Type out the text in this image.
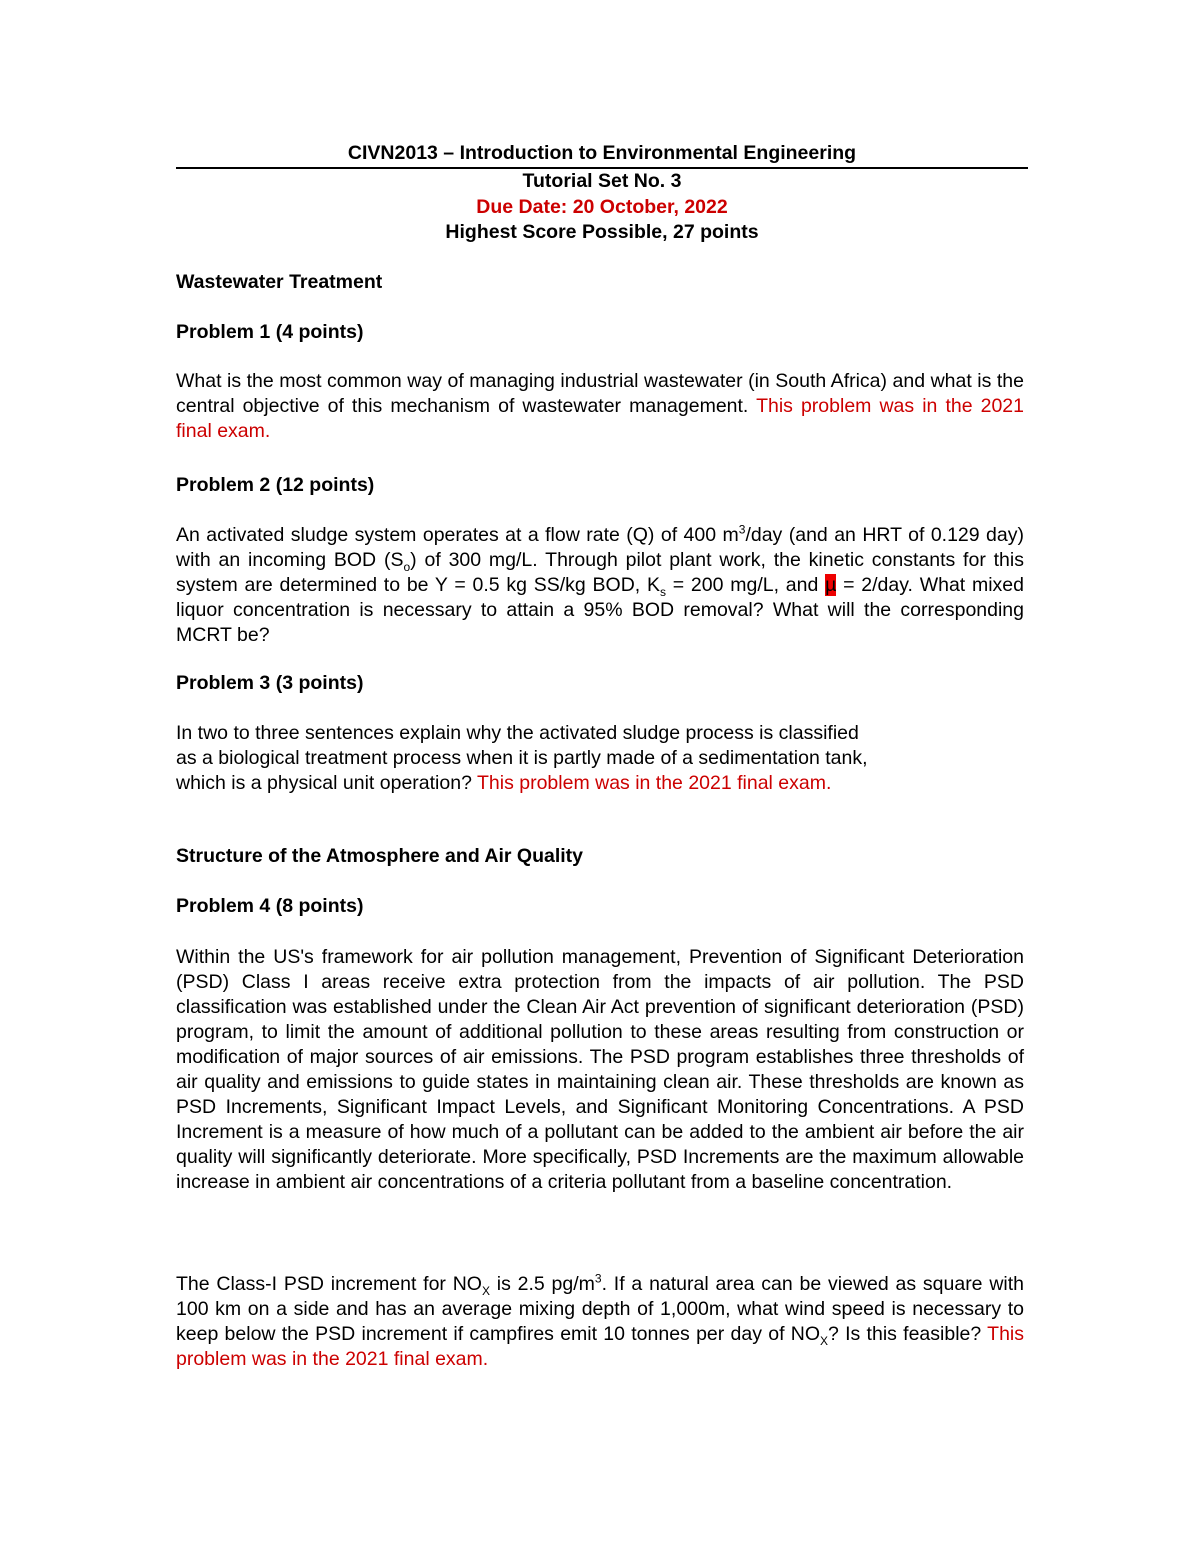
CIVN2013 – Introduction to Environmental Engineering
Tutorial Set No. 3
Due Date: 20 October, 2022
Highest Score Possible, 27 points
Wastewater Treatment
Problem 1 (4 points)

What is the most common way of managing industrial wastewater (in South Africa) and what is the central objective of this mechanism of wastewater management. This problem was in the 2021 final exam.

Problem 2 (12 points)

An activated sludge system operates at a flow rate (Q) of 400 $m^3$/day (and an HRT of 0.129 day) with an incoming BOD $(S_o)$ of 300 mg/L. Through pilot plant work, the kinetic constants for this system are determined to be Y = 0.5 kg SS/kg BOD, $K_s = 200$ mg/L, and µ = 2/day. What mixed liquor concentration is necessary to attain a 95% BOD removal? What will the corresponding MCRT be?

Problem 3 (3 points)

In two to three sentences explain why the activated sludge process is classified
as a biological treatment process when it is partly made of a sedimentation tank,
which is a physical unit operation? This problem was in the 2021 final exam.

Structure of the Atmosphere and Air Quality
Problem 4 (8 points)

Within the US's framework for air pollution management, Prevention of Significant Deterioration (PSD) Class I areas receive extra protection from the impacts of air pollution. The PSD classification was established under the Clean Air Act prevention of significant deterioration (PSD) program, to limit the amount of additional pollution to these areas resulting from construction or modification of major sources of air emissions. The PSD program establishes three thresholds of air quality and emissions to guide states in maintaining clean air. These thresholds are known as PSD Increments, Significant Impact Levels, and Significant Monitoring Concentrations. A PSD Increment is a measure of how much of a pollutant can be added to the ambient air before the air quality will significantly deteriorate. More specifically, PSD Increments are the maximum allowable increase in ambient air concentrations of a criteria pollutant from a baseline concentration.

The Class-I PSD increment for $NO_X$ is 2.5 $pg/m^3$. If a natural area can be viewed as square with 100 km on a side and has an average mixing depth of 1,000m, what wind speed is necessary to keep below the PSD increment if campfires emit 10 tonnes per day of $NO_X$? Is this feasible? This problem was in the 2021 final exam.
